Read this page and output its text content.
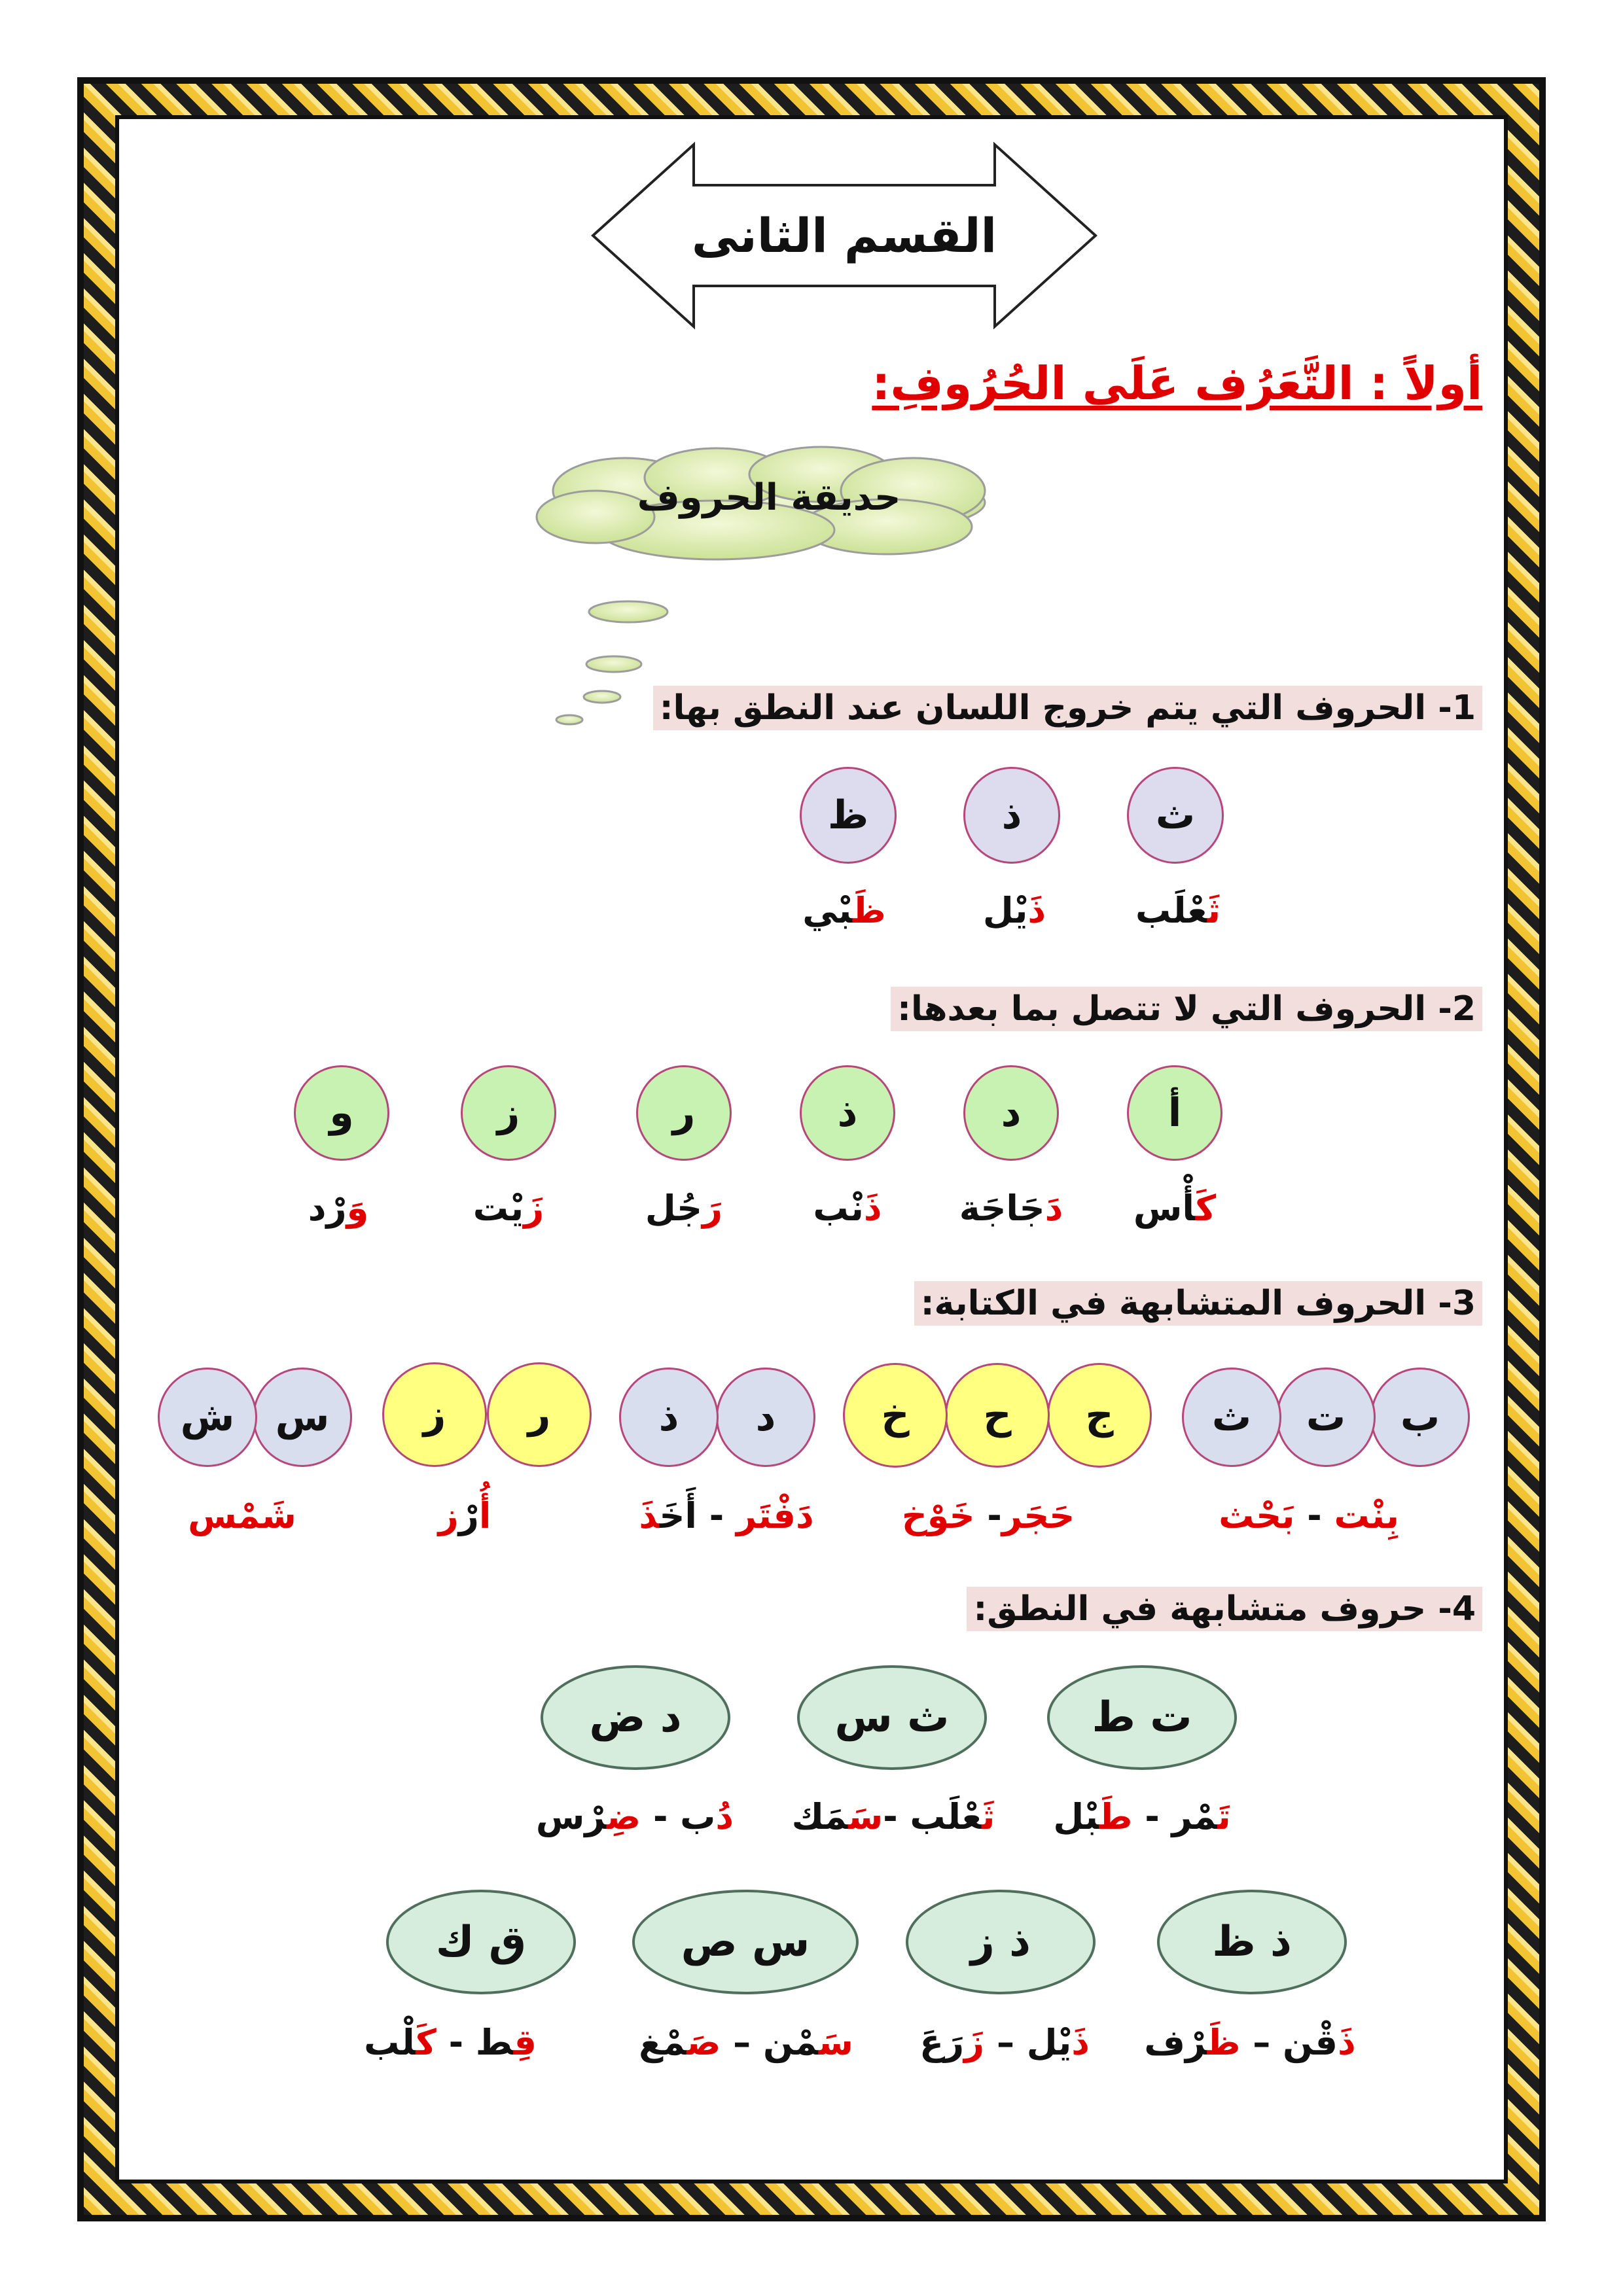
القسم الثانى
أولاً : التَّعَرُف عَلَى الحُرُوفِ:
حديقة الحروف
1- الحروف التي يتم خروج اللسان عند النطق بها:
ث
ذ
ظ
ثَعْلَب
ذَيْل
ظَبْي
2- الحروف التي لا تتصل بما بعدها:
أ
د
ذ
ر
ز
و
كَأْس
دَجَاجَة
ذَنْب
رَجُل
زَيْت
وَرْد
3- الحروف المتشابهة في الكتابة:
ب
ت
ث
ج
ح
خ
د
ذ
ر
ز
س
ش
بِنْت - بَحْث
حَجَر- خَوْخ
دَفْتَر - أَخَذَ
أُرْز
شَمْس
4- حروف متشابهة في النطق:
ت ط
ث س
د ض
تَمْر - طَبْل
ثَعْلَب -سَمَك
دُب - ضِرْس
ذ ظ
ذ ز
س ص
ق ك
ذَقْن – ظَرْف
ذَيْل – زَرَعَ
سَمْن – صَمْغ
قِط - كَلْب
